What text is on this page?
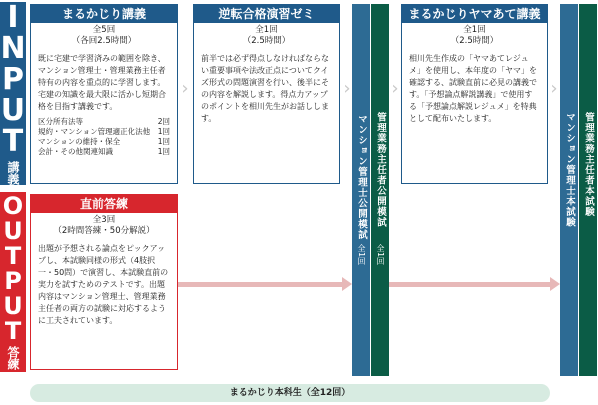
I
N
P
U
T
講義
O
U
T
P
U
T
答練
まるかじり講義
全5回
（各回2.5時間）
既に宅建で学習済みの範囲を除き、マンション管理士・管理業務主任者特有の内容を重点的に学習します。宅建の知識を最大限に活かし短期合格を目指す講義です。
区分所有法等	2回
規約・マンション管理適正化法他 1回
マンションの維持・保全	1回
会計・その他関連知識	1回
›
逆転合格演習ゼミ
全1回
（2.5時間）
前半では必ず得点しなければならない重要事項や法改正点についてクイズ形式の問題演習を行い、後半にその内容を解説します。得点力アップのポイントを相川先生がお話しします。
›
マンション管理士公開模試
全1回
管理業務主任者公開模試
全1回
›
まるかじりヤマあて講義
全1回
（2.5時間）
相川先生作成の「ヤマあてレジュメ」を使用し、本年度の「ヤマ」を確認する、試験直前に必見の講義です。「予想論点解説講義」で使用する「予想論点解説レジュメ」を特典として配布いたします。
›
マンション管理士本試験 管理業務主任者本試験
直前答練
全3回
（2時間答練・50分解説）
出題が予想される論点をピックアップし、本試験同様の形式（4肢択一・50問）で演習し、本試験直前の実力を試すためのテストです。出題内容はマンション管理士、管理業務主任者の両方の試験に対応するように工夫されています。
まるかじり本科生（全12回）
